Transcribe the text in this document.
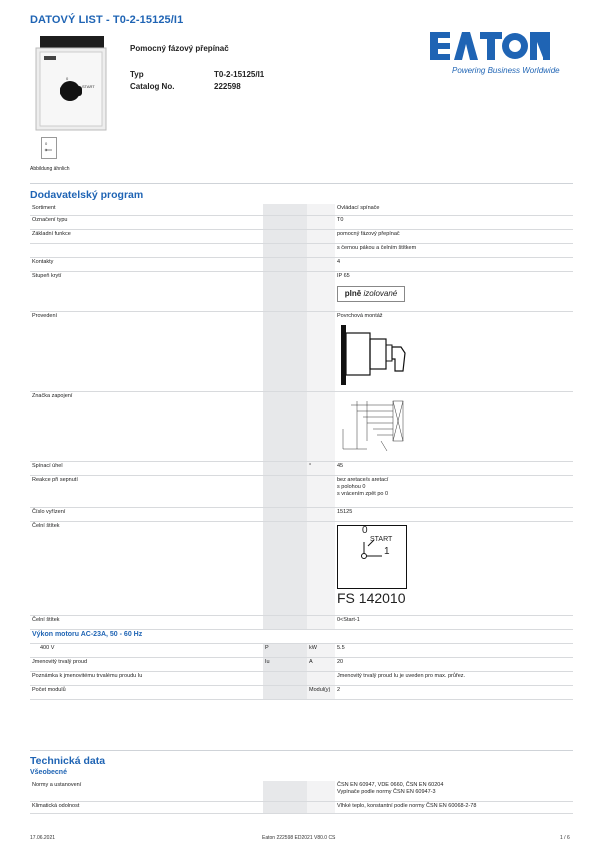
DATOVÝ LIST - T0-2-15125/I1
0
START
0
Abbildung ähnlich
Pomocný fázový přepínač
Typ	T0-2-15125/I1
Catalog No.	222598
Powering Business Worldwide
Dodavatelský program
Sortiment			Ovládací spínače
Označení typu			T0
Základní funkce			pomocný fázový přepínač
			s černou pákou a čelním štítkem
Kontakty			4
Stupeň krytí			IP 65
plně izolované

Provedení			Povrchová montáž

Značka zapojení			
Spínací úhel		°	45
Reakce při sepnutí			bez aretace/s aretací
s polohou 0
s vrácením zpět po 0

Číslo vyřízení			15125
Čelní štítek			0
START
1
FS 142010

Čelní štítek			0<Start-1
Výkon motoru AC-23A, 50 - 60 Hz			
400 V	P	kW	5.5
Jmenovitý trvalý proud	Iu	A	20
Poznámka k jmenovitému trvalému proudu Iu			Jmenovitý trvalý proud Iu je uveden pro max. průřez.
Počet modulů		Modul(y)	2
Technická data
Všeobecné
Normy a ustanovení			ČSN EN 60947, VDE 0660, ČSN EN 60204
Vypínače podle normy ČSN EN 60947-3

Klimatická odolnost			Vlhké teplo, konstantní podle normy ČSN EN 60068-2-78
17.06.2021	Eaton 222598 ED2021 V80.0 CS	1 / 6
